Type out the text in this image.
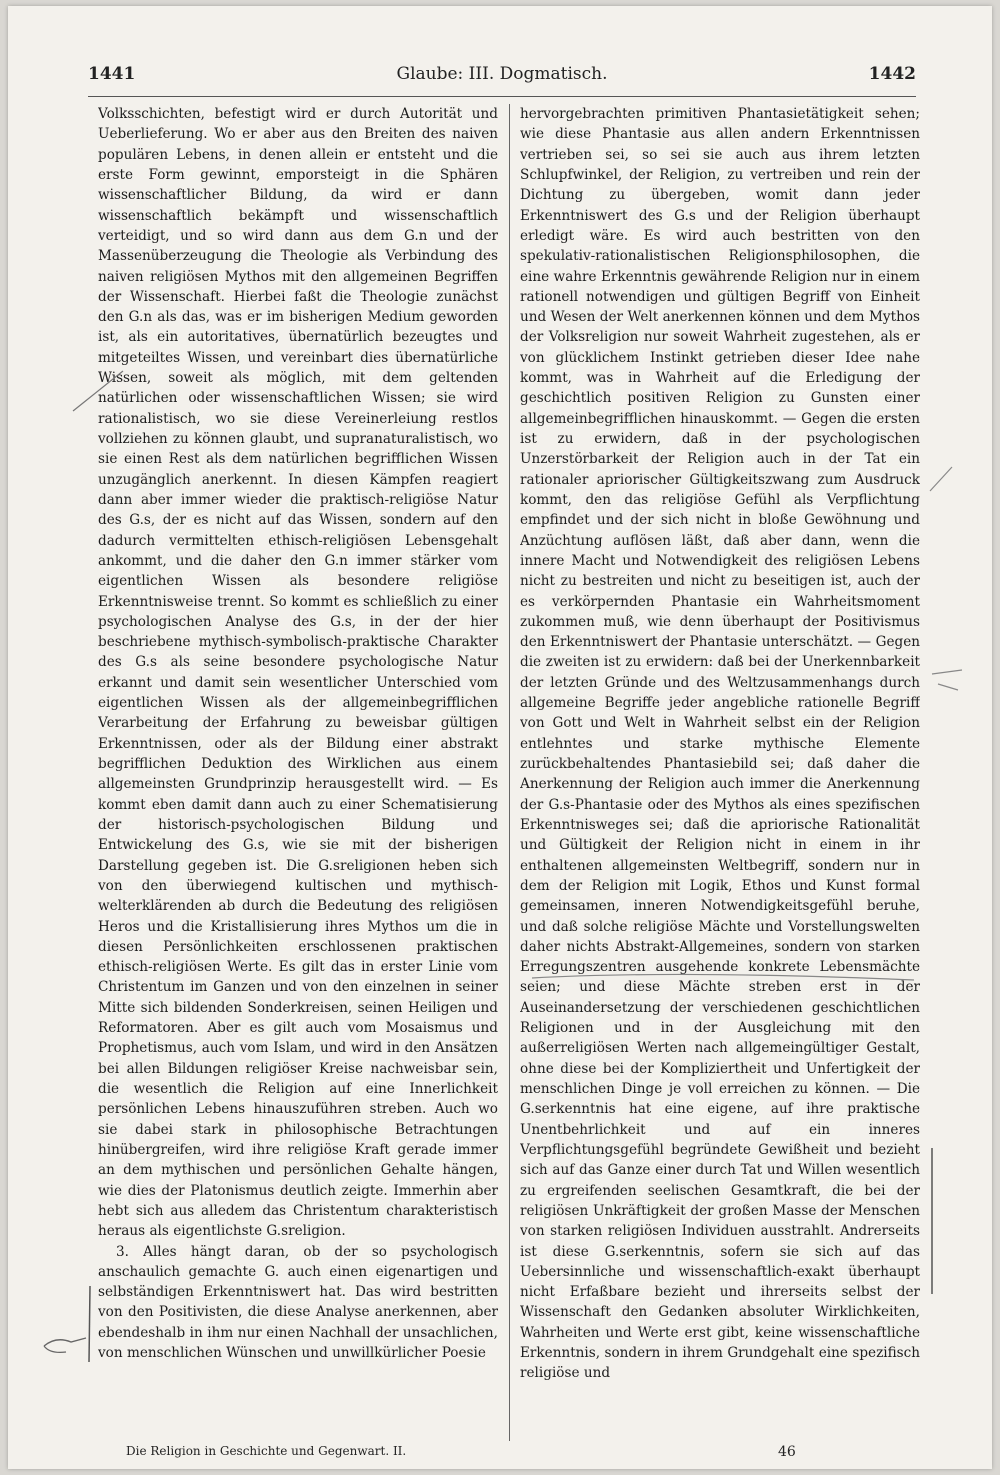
1441	Glaube: III. Dogmatisch.	1442

Volksschichten, befestigt wird er durch Autorität und Ueberlieferung. Wo er aber aus den Breiten des naiven populären Lebens, in denen allein er entsteht und die erste Form gewinnt, emporsteigt in die Sphären wissenschaftlicher Bildung, da wird er dann wissenschaftlich bekämpft und wissenschaftlich verteidigt, und so wird dann aus dem G.n und der Massenüberzeugung die Theologie als Verbindung des naiven religiösen Mythos mit den allgemeinen Begriffen der Wissenschaft. Hierbei faßt die Theologie zunächst den G.n als das, was er im bisherigen Medium geworden ist, als ein autoritatives, übernatürlich bezeugtes und mitgeteiltes Wissen, und vereinbart dies übernatürliche Wissen, soweit als möglich, mit dem geltenden natürlichen oder wissenschaftlichen Wissen; sie wird rationalistisch, wo sie diese Vereinerleiung restlos vollziehen zu können glaubt, und supranaturalistisch, wo sie einen Rest als dem natürlichen begrifflichen Wissen unzugänglich anerkennt. In diesen Kämpfen reagiert dann aber immer wieder die praktisch-religiöse Natur des G.s, der es nicht auf das Wissen, sondern auf den dadurch vermittelten ethisch-religiösen Lebensgehalt ankommt, und die daher den G.n immer stärker vom eigentlichen Wissen als besondere religiöse Erkenntnisweise trennt. So kommt es schließlich zu einer psychologischen Analyse des G.s, in der der hier beschriebene mythisch-symbolisch-praktische Charakter des G.s als seine besondere psychologische Natur erkannt und damit sein wesentlicher Unterschied vom eigentlichen Wissen als der allgemeinbegrifflichen Verarbeitung der Erfahrung zu beweisbar gültigen Erkenntnissen, oder als der Bildung einer abstrakt begrifflichen Deduktion des Wirklichen aus einem allgemeinsten Grundprinzip herausgestellt wird. — Es kommt eben damit dann auch zu einer Schematisierung der historisch-psychologischen Bildung und Entwickelung des G.s, wie sie mit der bisherigen Darstellung gegeben ist. Die G.sreligionen heben sich von den überwiegend kultischen und mythisch-welterklärenden ab durch die Bedeutung des religiösen Heros und die Kristallisierung ihres Mythos um die in diesen Persönlichkeiten erschlossenen praktischen ethisch-religiösen Werte. Es gilt das in erster Linie vom Christentum im Ganzen und von den einzelnen in seiner Mitte sich bildenden Sonderkreisen, seinen Heiligen und Reformatoren. Aber es gilt auch vom Mosaismus und Prophetismus, auch vom Islam, und wird in den Ansätzen bei allen Bildungen religiöser Kreise nachweisbar sein, die wesentlich die Religion auf eine Innerlichkeit persönlichen Lebens hinauszuführen streben. Auch wo sie dabei stark in philosophische Betrachtungen hinübergreifen, wird ihre religiöse Kraft gerade immer an dem mythischen und persönlichen Gehalte hängen, wie dies der Platonismus deutlich zeigte. Immerhin aber hebt sich aus alledem das Christentum charakteristisch heraus als eigentlichste G.sreligion.

3. Alles hängt daran, ob der so psychologisch anschaulich gemachte G. auch einen eigenartigen und selbständigen Erkenntniswert hat. Das wird bestritten von den Positivisten, die diese Analyse anerkennen, aber ebendeshalb in ihm nur einen Nachhall der unsachlichen, von menschlichen Wünschen und unwillkürlicher Poesie

hervorgebrachten primitiven Phantasietätigkeit sehen; wie diese Phantasie aus allen andern Erkenntnissen vertrieben sei, so sei sie auch aus ihrem letzten Schlupfwinkel, der Religion, zu vertreiben und rein der Dichtung zu übergeben, womit dann jeder Erkenntniswert des G.s und der Religion überhaupt erledigt wäre. Es wird auch bestritten von den spekulativ-rationalistischen Religionsphilosophen, die eine wahre Erkenntnis gewährende Religion nur in einem rationell notwendigen und gültigen Begriff von Einheit und Wesen der Welt anerkennen können und dem Mythos der Volksreligion nur soweit Wahrheit zugestehen, als er von glücklichem Instinkt getrieben dieser Idee nahe kommt, was in Wahrheit auf die Erledigung der geschichtlich positiven Religion zu Gunsten einer allgemeinbegrifflichen hinauskommt. — Gegen die ersten ist zu erwidern, daß in der psychologischen Unzerstörbarkeit der Religion auch in der Tat ein rationaler apriorischer Gültigkeitszwang zum Ausdruck kommt, den das religiöse Gefühl als Verpflichtung empfindet und der sich nicht in bloße Gewöhnung und Anzüchtung auflösen läßt, daß aber dann, wenn die innere Macht und Notwendigkeit des religiösen Lebens nicht zu bestreiten und nicht zu beseitigen ist, auch der es verkörpernden Phantasie ein Wahrheitsmoment zukommen muß, wie denn überhaupt der Positivismus den Erkenntniswert der Phantasie unterschätzt. — Gegen die zweiten ist zu erwidern: daß bei der Unerkennbarkeit der letzten Gründe und des Weltzusammenhangs durch allgemeine Begriffe jeder angebliche rationelle Begriff von Gott und Welt in Wahrheit selbst ein der Religion entlehntes und starke mythische Elemente zurückbehaltendes Phantasiebild sei; daß daher die Anerkennung der Religion auch immer die Anerkennung der G.s-Phantasie oder des Mythos als eines spezifischen Erkenntnisweges sei; daß die apriorische Rationalität und Gültigkeit der Religion nicht in einem in ihr enthaltenen allgemeinsten Weltbegriff, sondern nur in dem der Religion mit Logik, Ethos und Kunst formal gemeinsamen, inneren Notwendigkeitsgefühl beruhe, und daß solche religiöse Mächte und Vorstellungswelten daher nichts Abstrakt-Allgemeines, sondern von starken Erregungszentren ausgehende konkrete Lebensmächte seien; und diese Mächte streben erst in der Auseinandersetzung der verschiedenen geschichtlichen Religionen und in der Ausgleichung mit den außerreligiösen Werten nach allgemeingültiger Gestalt, ohne diese bei der Kompliziertheit und Unfertigkeit der menschlichen Dinge je voll erreichen zu können. — Die G.serkenntnis hat eine eigene, auf ihre praktische Unentbehrlichkeit und auf ein inneres Verpflichtungsgefühl begründete Gewißheit und bezieht sich auf das Ganze einer durch Tat und Willen wesentlich zu ergreifenden seelischen Gesamtkraft, die bei der religiösen Unkräftigkeit der großen Masse der Menschen von starken religiösen Individuen ausstrahlt. Andrerseits ist diese G.serkenntnis, sofern sie sich auf das Uebersinnliche und wissenschaftlich-exakt überhaupt nicht Erfaßbare bezieht und ihrerseits selbst der Wissenschaft den Gedanken absoluter Wirklichkeiten, Wahrheiten und Werte erst gibt, keine wissenschaftliche Erkenntnis, sondern in ihrem Grundgehalt eine spezifisch religiöse und

Die Religion in Geschichte und Gegenwart. II.	46
